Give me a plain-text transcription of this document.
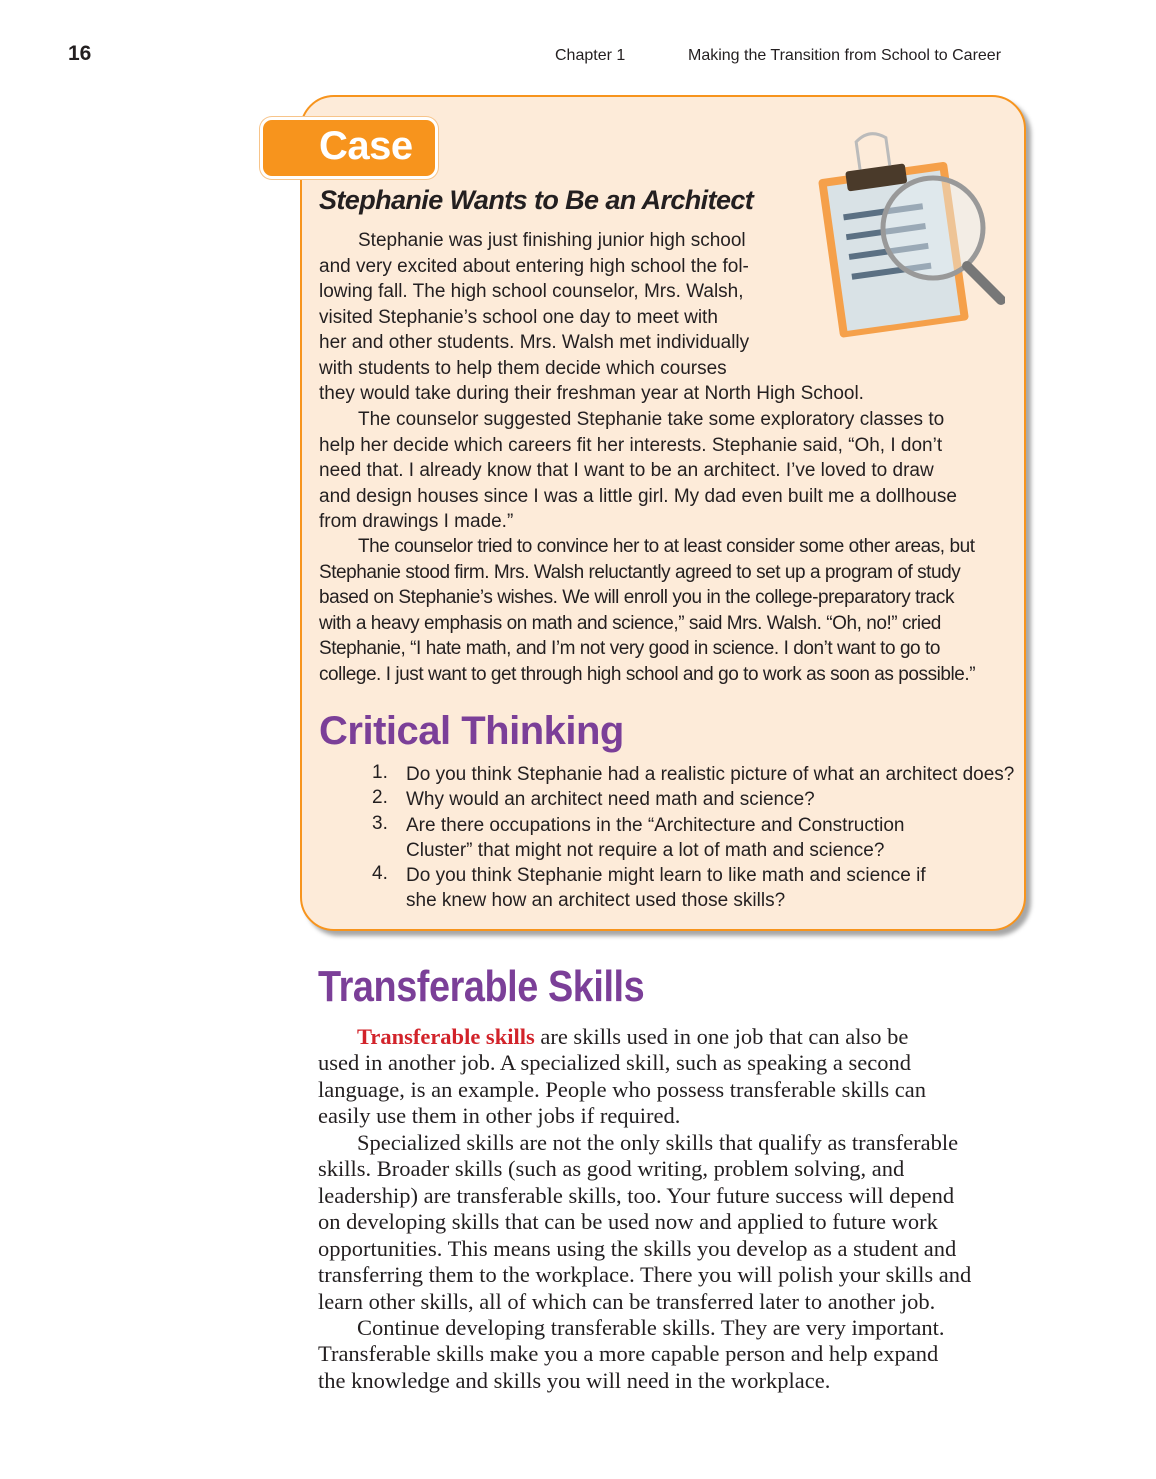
16	Chapter 1	Making the Transition from School to Career
Case
Stephanie Wants to Be an Architect
Stephanie was just finishing junior high school
and very excited about entering high school the fol-
lowing fall. The high school counselor, Mrs. Walsh,
visited Stephanie’s school one day to meet with
her and other students. Mrs. Walsh met individually
with students to help them decide which courses
they would take during their freshman year at North High School.
The counselor suggested Stephanie take some exploratory classes to
help her decide which careers fit her interests. Stephanie said, “Oh, I don’t
need that. I already know that I want to be an architect. I’ve loved to draw
and design houses since I was a little girl. My dad even built me a dollhouse
from drawings I made.”
The counselor tried to convince her to at least consider some other areas, but
Stephanie stood firm. Mrs. Walsh reluctantly agreed to set up a program of study
based on Stephanie’s wishes. We will enroll you in the college-preparatory track
with a heavy emphasis on math and science,” said Mrs. Walsh. “Oh, no!” cried
Stephanie, “I hate math, and I’m not very good in science. I don’t want to go to
college. I just want to get through high school and go to work as soon as possible.”
Critical Thinking
1. Do you think Stephanie had a realistic picture of what an architect does?
2. Why would an architect need math and science?
3. Are there occupations in the “Architecture and Construction
Cluster” that might not require a lot of math and science?
4. Do you think Stephanie might learn to like math and science if
she knew how an architect used those skills?
Transferable Skills
Transferable skills are skills used in one job that can also be
used in another job. A specialized skill, such as speaking a second
language, is an example. People who possess transferable skills can
easily use them in other jobs if required.
Specialized skills are not the only skills that qualify as transferable
skills. Broader skills (such as good writing, problem solving, and
leadership) are transferable skills, too. Your future success will depend
on developing skills that can be used now and applied to future work
opportunities. This means using the skills you develop as a student and
transferring them to the workplace. There you will polish your skills and
learn other skills, all of which can be transferred later to another job.
Continue developing transferable skills. They are very important.
Transferable skills make you a more capable person and help expand
the knowledge and skills you will need in the workplace.
